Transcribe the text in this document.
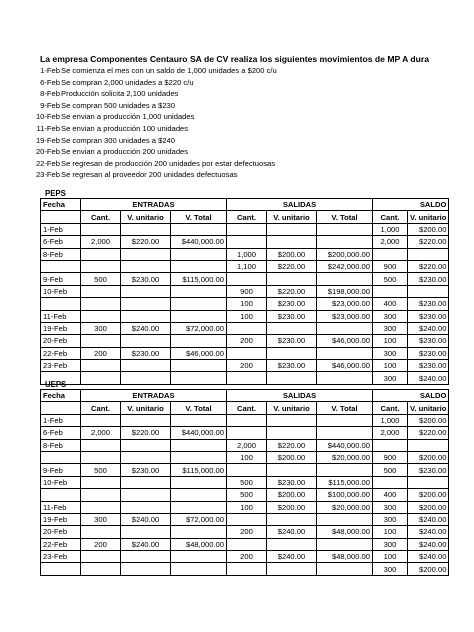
La empresa Componentes Centauro SA de CV realiza los siguientes movimientos de MP A dura
1-Feb Se comienza el mes con un saldo de 1,000 unidades a $200 c/u
6-Feb Se compran 2,000 unidades a $220 c/u
8-Feb Producción solicita 2,100 unidades
9-Feb Se compran 500 unidades a $230
10-Feb Se envian a producción 1,000 unidades
11-Feb Se envian a producción 100 unidades
19-Feb Se compran 300 unidades a $240
20-Feb Se envian a producción 200 unidades
22-Feb Se regresan de producción 200 unidades por estar defectuosas
23-Feb Se regresan al proveedor 200 unidades defectuosas
PEPS
Fecha	ENTRADAS			SALIDAS			SALDO	
	Cant.	V. unitario	V. Total	Cant.	V. unitario	V. Total	Cant.	V. unitario
1-Feb							1,000	$200.00
6-Feb	2,000	$220.00	$440,000.00				2,000	$220.00
8-Feb				1,000	$200.00	$200,000.00		
				1,100	$220.00	$242,000.00	900	$220.00
9-Feb	500	$230.00	$115,000.00				500	$230.00
10-Feb				900	$220.00	$198,000.00		
				100	$230.00	$23,000.00	400	$230.00
11-Feb				100	$230.00	$23,000.00	300	$230.00
19-Feb	300	$240.00	$72,000.00				300	$240.00
20-Feb				200	$230.00	$46,000.00	100	$230.00
22-Feb	200	$230.00	$46,000.00				300	$230.00
23-Feb				200	$230.00	$46,000.00	100	$230.00
							300	$240.00
UEPS
Fecha	ENTRADAS			SALIDAS			SALDO	
	Cant.	V. unitario	V. Total	Cant.	V. unitario	V. Total	Cant.	V. unitario
1-Feb							1,000	$200.00
6-Feb	2,000	$220.00	$440,000.00				2,000	$220.00
8-Feb				2,000	$220.00	$440,000.00		
				100	$200.00	$20,000.00	900	$200.00
9-Feb	500	$230.00	$115,000.00				500	$230.00
10-Feb				500	$230.00	$115,000.00		
				500	$200.00	$100,000.00	400	$200.00
11-Feb				100	$200.00	$20,000.00	300	$200.00
19-Feb	300	$240.00	$72,000.00				300	$240.00
20-Feb				200	$240.00	$48,000.00	100	$240.00
22-Feb	200	$240.00	$48,000.00				300	$240.00
23-Feb				200	$240.00	$48,000.00	100	$240.00
							300	$200.00
